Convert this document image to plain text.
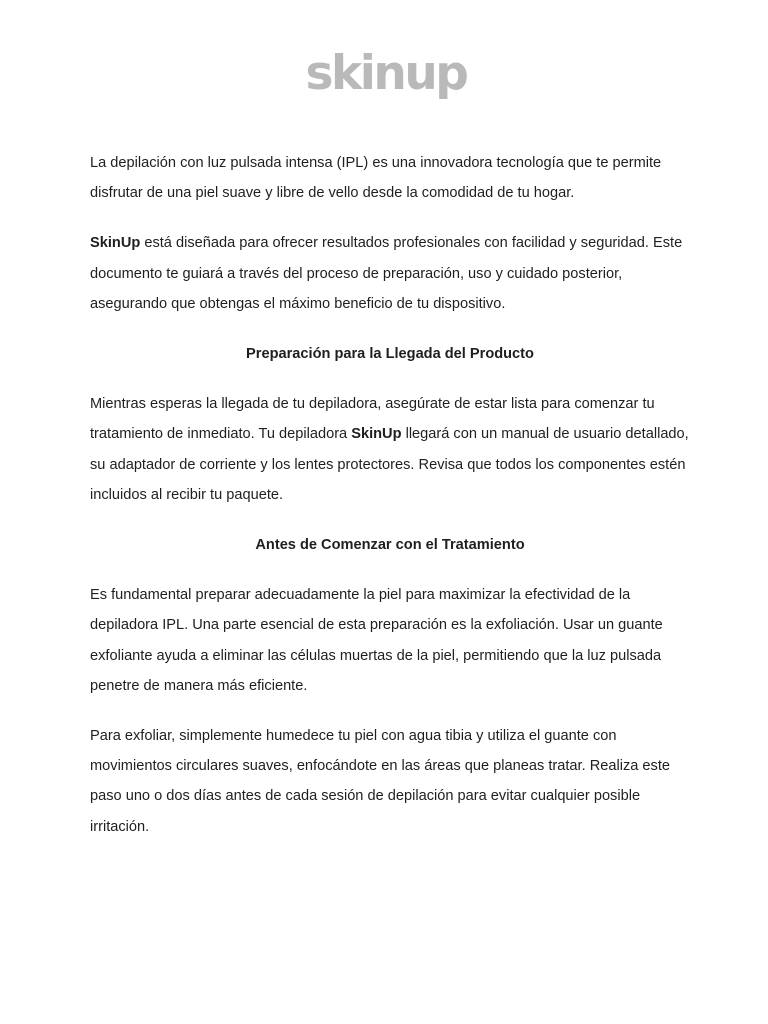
skinup

La depilación con luz pulsada intensa (IPL) es una innovadora tecnología que te permite disfrutar de una piel suave y libre de vello desde la comodidad de tu hogar.

SkinUp está diseñada para ofrecer resultados profesionales con facilidad y seguridad. Este documento te guiará a través del proceso de preparación, uso y cuidado posterior, asegurando que obtengas el máximo beneficio de tu dispositivo.

Preparación para la Llegada del Producto

Mientras esperas la llegada de tu depiladora, asegúrate de estar lista para comenzar tu tratamiento de inmediato. Tu depiladora SkinUp llegará con un manual de usuario detallado, su adaptador de corriente y los lentes protectores. Revisa que todos los componentes estén incluidos al recibir tu paquete.

Antes de Comenzar con el Tratamiento

Es fundamental preparar adecuadamente la piel para maximizar la efectividad de la depiladora IPL. Una parte esencial de esta preparación es la exfoliación. Usar un guante exfoliante ayuda a eliminar las células muertas de la piel, permitiendo que la luz pulsada penetre de manera más eficiente.

Para exfoliar, simplemente humedece tu piel con agua tibia y utiliza el guante con movimientos circulares suaves, enfocándote en las áreas que planeas tratar. Realiza este paso uno o dos días antes de cada sesión de depilación para evitar cualquier posible irritación.
